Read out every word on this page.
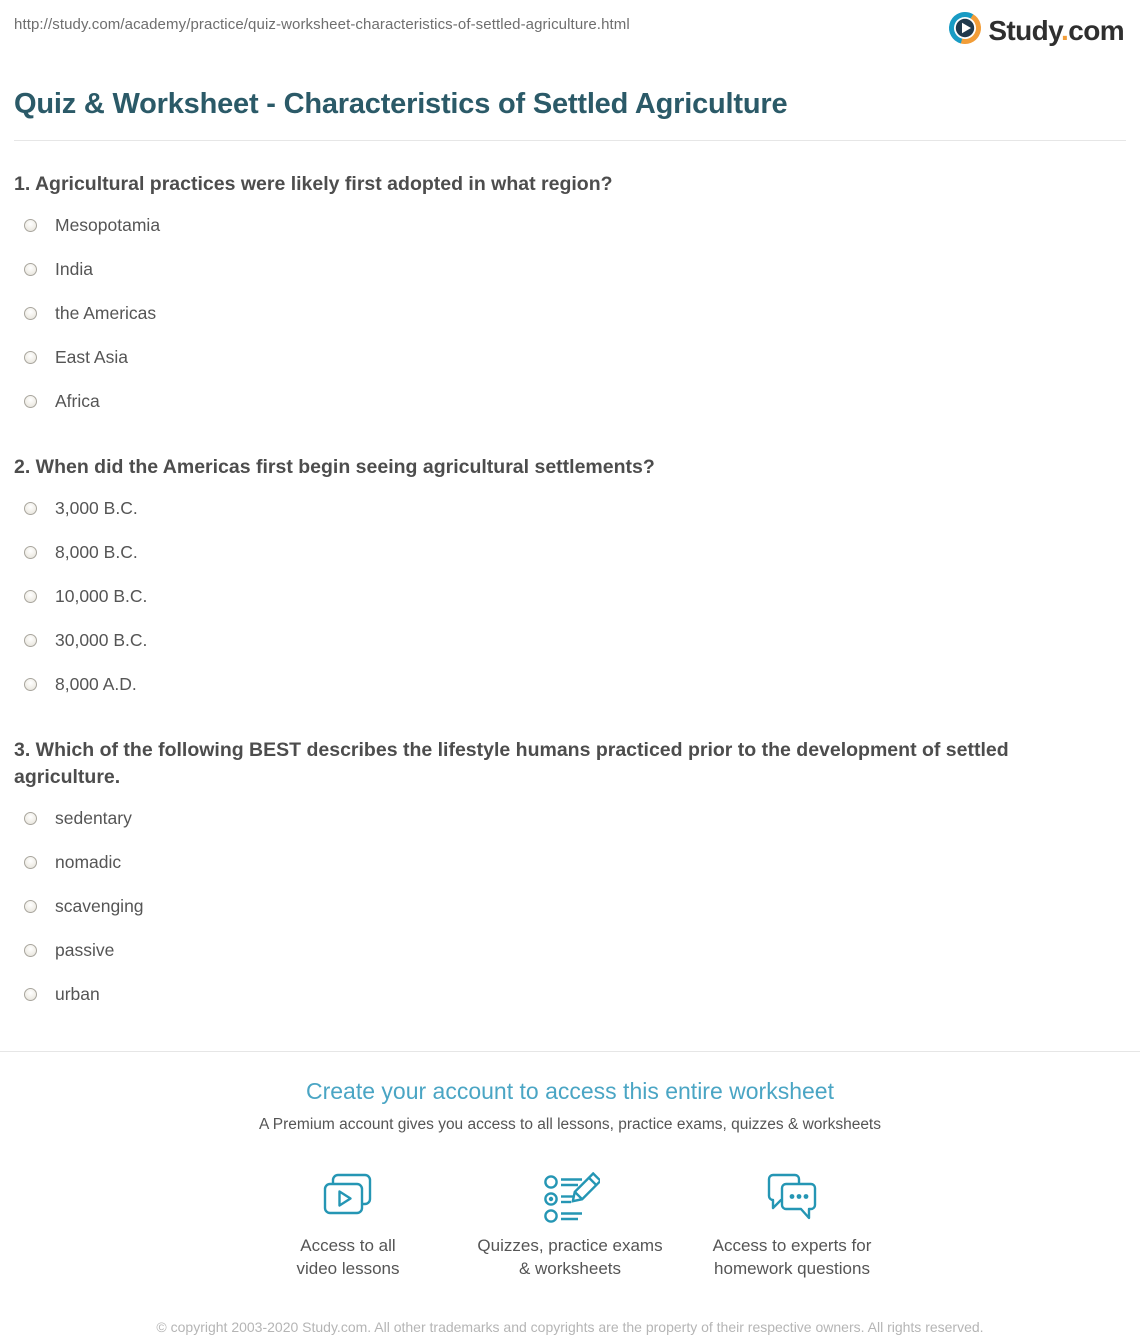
http://study.com/academy/practice/quiz-worksheet-characteristics-of-settled-agriculture.html	Study.com
Quiz & Worksheet - Characteristics of Settled Agriculture
1. Agricultural practices were likely first adopted in what region?
Mesopotamia
India
the Americas
East Asia
Africa
2. When did the Americas first begin seeing agricultural settlements?
3,000 B.C.
8,000 B.C.
10,000 B.C.
30,000 B.C.
8,000 A.D.
3. Which of the following BEST describes the lifestyle humans practiced prior to the development of settled agriculture.
sedentary
nomadic
scavenging
passive
urban
Create your account to access this entire worksheet
A Premium account gives you access to all lessons, practice exams, quizzes & worksheets
Access to all
video lessons
Quizzes, practice exams
& worksheets
Access to experts for
homework questions
© copyright 2003-2020 Study.com. All other trademarks and copyrights are the property of their respective owners. All rights reserved.
